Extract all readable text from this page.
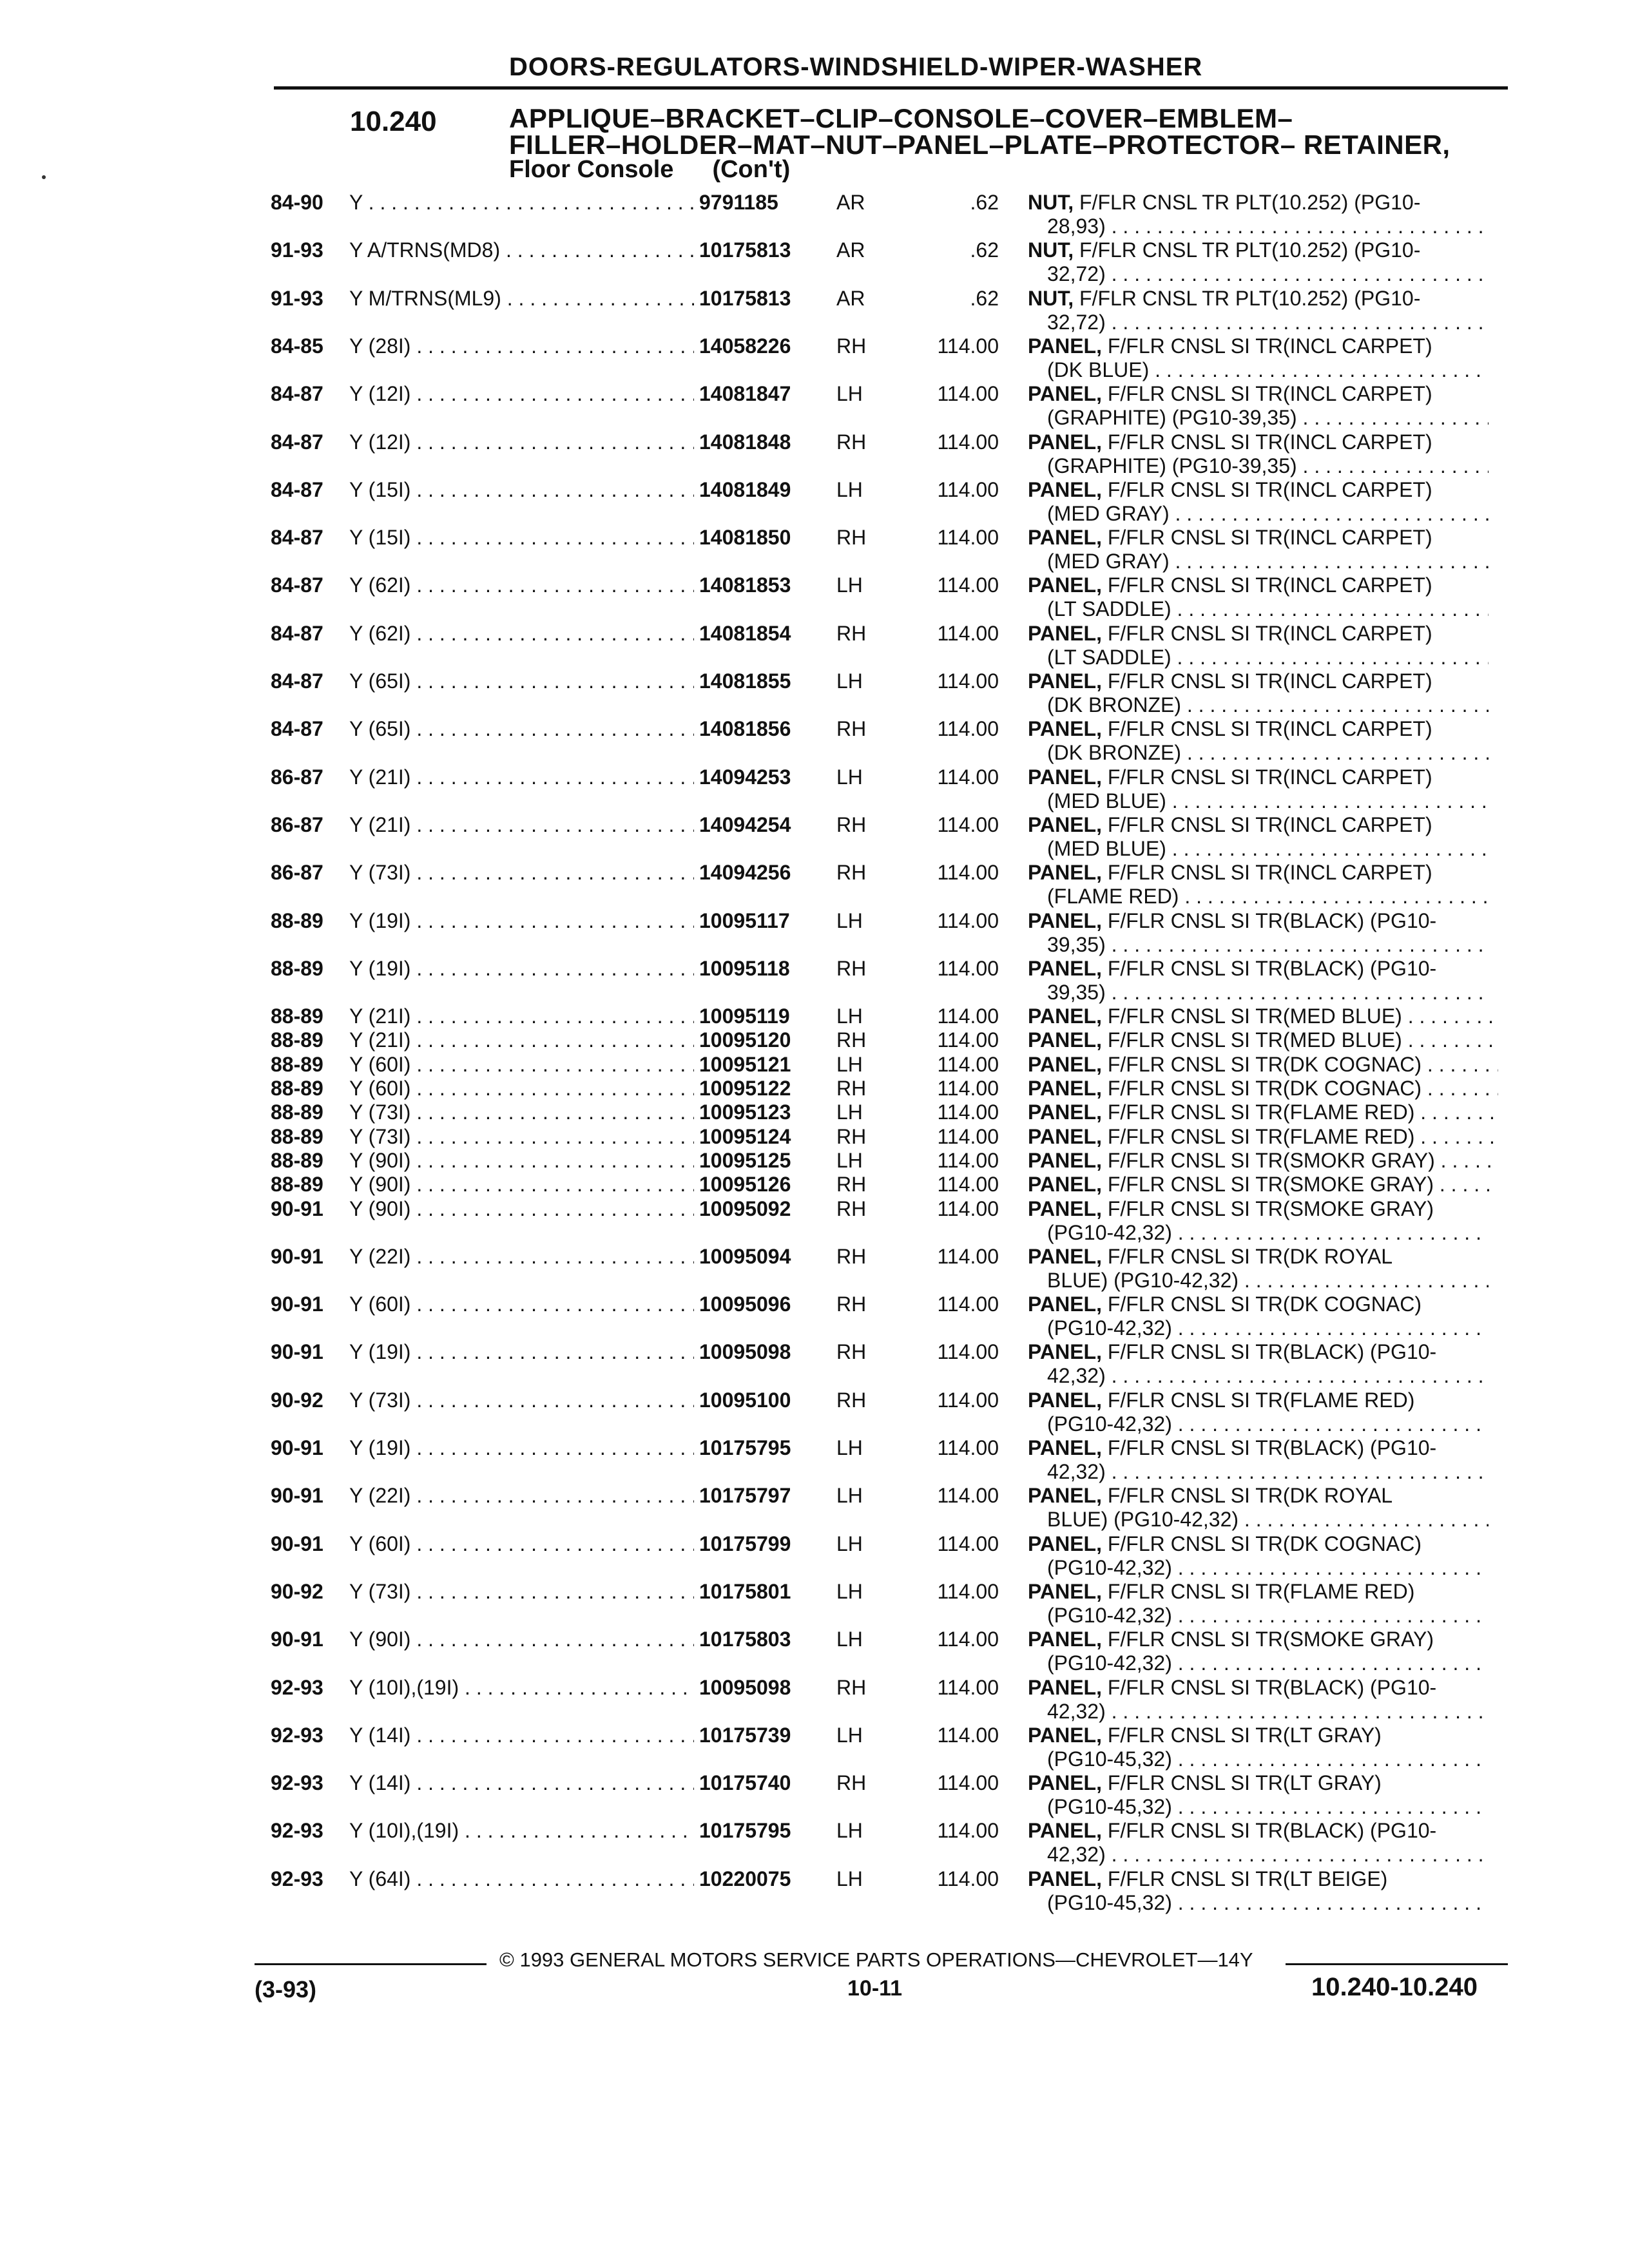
DOORS-REGULATORS-WINDSHIELD-WIPER-WASHER
10.240	APPLIQUE–BRACKET–CLIP–CONSOLE–COVER–EMBLEM–
FILLER–HOLDER–MAT–NUT–PANEL–PLATE–PROTECTOR– RETAINER,
Floor Console (Con't)
84-90 Y . . .	9791185	AR	.62 NUT, F/FLR CNSL TR PLT(10.252) (PG10-
28,93) . . .
91-93 Y A/TRNS(MD8) . . .	10175813 AR	.62 NUT, F/FLR CNSL TR PLT(10.252) (PG10-
32,72) . . .
91-93 Y M/TRNS(ML9) . . .	10175813 AR	.62 NUT, F/FLR CNSL TR PLT(10.252) (PG10-
32,72) . . .
84-85 Y (28I) . . .	14058226 RH	114.00 PANEL, F/FLR CNSL SI TR(INCL CARPET)
(DK BLUE) . . .
84-87 Y (12I) . . .	14081847 LH	114.00 PANEL, F/FLR CNSL SI TR(INCL CARPET)
(GRAPHITE) (PG10-39,35) . . .
84-87 Y (12I) . . .	14081848 RH	114.00 PANEL, F/FLR CNSL SI TR(INCL CARPET)
(GRAPHITE) (PG10-39,35) . . .
84-87 Y (15I) . . .	14081849 LH	114.00 PANEL, F/FLR CNSL SI TR(INCL CARPET)
(MED GRAY) . . .
84-87 Y (15I) . . .	14081850 RH	114.00 PANEL, F/FLR CNSL SI TR(INCL CARPET)
(MED GRAY) . . .
84-87 Y (62I) . . .	14081853 LH	114.00 PANEL, F/FLR CNSL SI TR(INCL CARPET)
(LT SADDLE) . . .
84-87 Y (62I) . . .	14081854 RH	114.00 PANEL, F/FLR CNSL SI TR(INCL CARPET)
(LT SADDLE) . . .
84-87 Y (65I) . . .	14081855 LH	114.00 PANEL, F/FLR CNSL SI TR(INCL CARPET)
(DK BRONZE) . . .
84-87 Y (65I) . . .	14081856 RH	114.00 PANEL, F/FLR CNSL SI TR(INCL CARPET)
(DK BRONZE) . . .
86-87 Y (21I) . . .	14094253 LH	114.00 PANEL, F/FLR CNSL SI TR(INCL CARPET)
(MED BLUE) . . .
86-87 Y (21I) . . .	14094254 RH	114.00 PANEL, F/FLR CNSL SI TR(INCL CARPET)
(MED BLUE) . . .
86-87 Y (73I) . . .	14094256 RH	114.00 PANEL, F/FLR CNSL SI TR(INCL CARPET)
(FLAME RED) . . .
88-89 Y (19I) . . .	10095117 LH	114.00 PANEL, F/FLR CNSL SI TR(BLACK) (PG10-
39,35) . . .
88-89 Y (19I) . . .	10095118 RH	114.00 PANEL, F/FLR CNSL SI TR(BLACK) (PG10-
39,35) . . .
88-89 Y (21I) . . .	10095119 LH	114.00 PANEL, F/FLR CNSL SI TR(MED BLUE) . . .
88-89 Y (21I) . . .	10095120 RH	114.00 PANEL, F/FLR CNSL SI TR(MED BLUE) . . .
88-89 Y (60I) . . .	10095121 LH	114.00 PANEL, F/FLR CNSL SI TR(DK COGNAC) . . .
88-89 Y (60I) . . .	10095122 RH	114.00 PANEL, F/FLR CNSL SI TR(DK COGNAC) . . .
88-89 Y (73I) . . .	10095123 LH	114.00 PANEL, F/FLR CNSL SI TR(FLAME RED) . . .
88-89 Y (73I) . . .	10095124 RH	114.00 PANEL, F/FLR CNSL SI TR(FLAME RED) . . .
88-89 Y (90I) . . .	10095125 LH	114.00 PANEL, F/FLR CNSL SI TR(SMOKR GRAY) . . .
88-89 Y (90I) . . .	10095126 RH	114.00 PANEL, F/FLR CNSL SI TR(SMOKE GRAY) . . .
90-91 Y (90I) . . .	10095092 RH	114.00 PANEL, F/FLR CNSL SI TR(SMOKE GRAY)
(PG10-42,32) . . .
90-91 Y (22I) . . .	10095094 RH	114.00 PANEL, F/FLR CNSL SI TR(DK ROYAL
BLUE) (PG10-42,32) . . .
90-91 Y (60I) . . .	10095096 RH	114.00 PANEL, F/FLR CNSL SI TR(DK COGNAC)
(PG10-42,32) . . .
90-91 Y (19I) . . .	10095098 RH	114.00 PANEL, F/FLR CNSL SI TR(BLACK) (PG10-
42,32) . . .
90-92 Y (73I) . . .	10095100 RH	114.00 PANEL, F/FLR CNSL SI TR(FLAME RED)
(PG10-42,32) . . .
90-91 Y (19I) . . .	10175795 LH	114.00 PANEL, F/FLR CNSL SI TR(BLACK) (PG10-
42,32) . . .
90-91 Y (22I) . . .	10175797 LH	114.00 PANEL, F/FLR CNSL SI TR(DK ROYAL
BLUE) (PG10-42,32) . . .
90-91 Y (60I) . . .	10175799 LH	114.00 PANEL, F/FLR CNSL SI TR(DK COGNAC)
(PG10-42,32) . . .
90-92 Y (73I) . . .	10175801 LH	114.00 PANEL, F/FLR CNSL SI TR(FLAME RED)
(PG10-42,32) . . .
90-91 Y (90I) . . .	10175803 LH	114.00 PANEL, F/FLR CNSL SI TR(SMOKE GRAY)
(PG10-42,32) . . .
92-93 Y (10I),(19I) . . .	10095098 RH	114.00 PANEL, F/FLR CNSL SI TR(BLACK) (PG10-
42,32) . . .
92-93 Y (14I) . . .	10175739 LH	114.00 PANEL, F/FLR CNSL SI TR(LT GRAY)
(PG10-45,32) . . .
92-93 Y (14I) . . .	10175740 RH	114.00 PANEL, F/FLR CNSL SI TR(LT GRAY)
(PG10-45,32) . . .
92-93 Y (10I),(19I) . . .	10175795 LH	114.00 PANEL, F/FLR CNSL SI TR(BLACK) (PG10-
42,32) . . .
92-93 Y (64I) . . .	10220075 LH	114.00 PANEL, F/FLR CNSL SI TR(LT BEIGE)
(PG10-45,32) . . .
© 1993 GENERAL MOTORS SERVICE PARTS OPERATIONS—CHEVROLET—14Y
(3-93)	10-11	10.240-10.240
